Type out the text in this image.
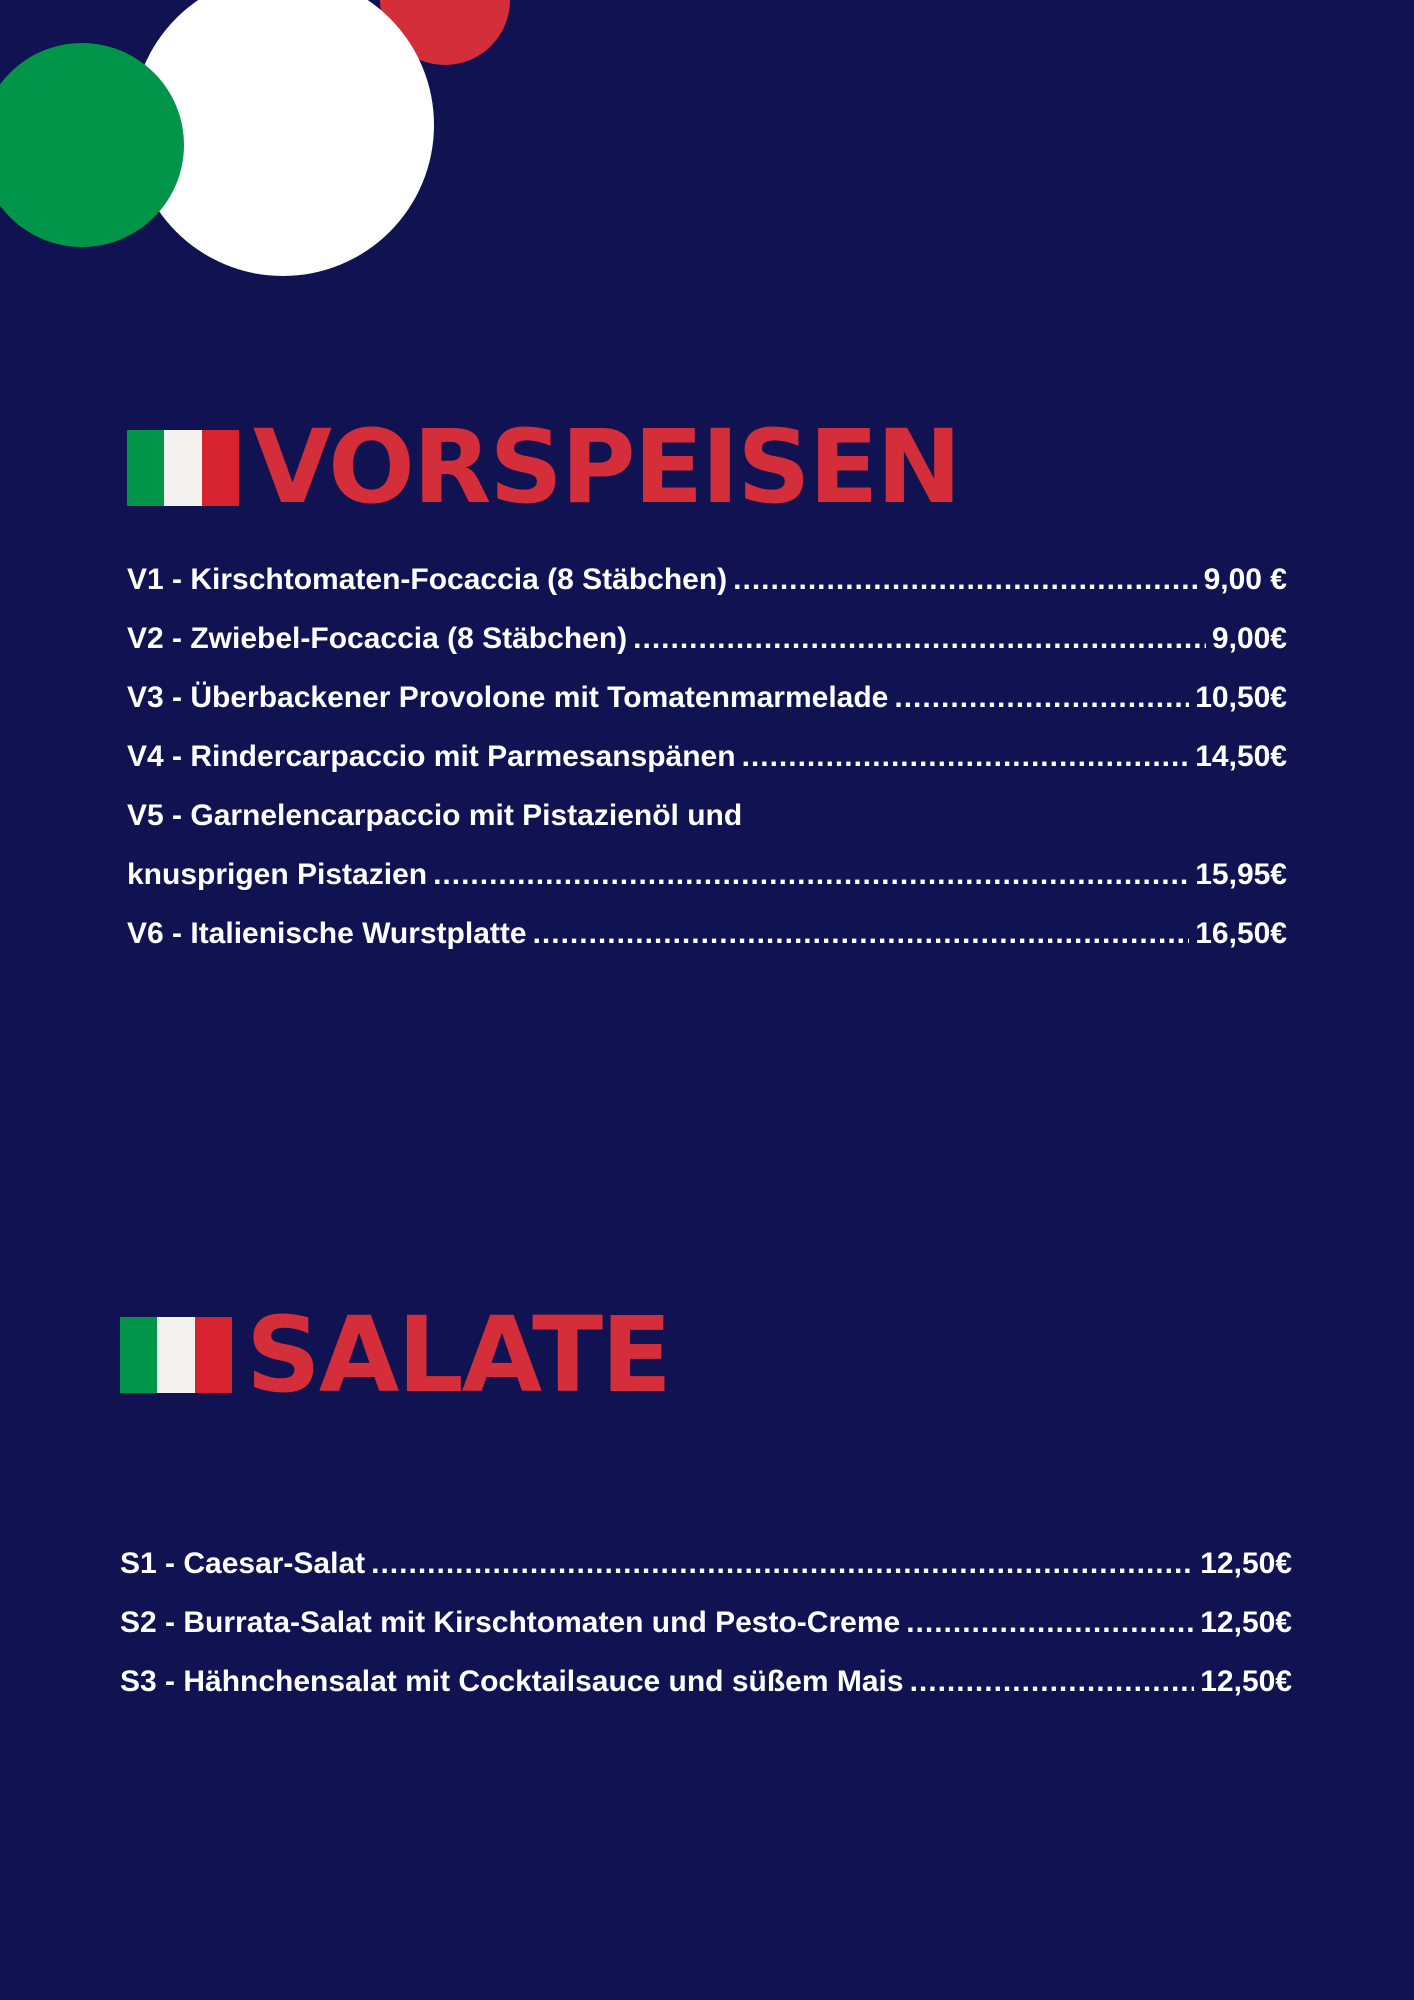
VORSPEISEN
V1 - Kirschtomaten-Focaccia (8 Stäbchen) .....	9,00 €
V2 - Zwiebel-Focaccia (8 Stäbchen) .....	9,00€
V3 - Überbackener Provolone mit Tomatenmarmelade .....	10,50€
V4 - Rindercarpaccio mit Parmesanspänen .....	14,50€
V5 - Garnelencarpaccio mit Pistazienöl und
knusprigen Pistazien .....	15,95€
V6 - Italienische Wurstplatte .....	16,50€
SALATE
S1 - Caesar-Salat .....	12,50€
S2 - Burrata-Salat mit Kirschtomaten und Pesto-Creme .....	12,50€
S3 - Hähnchensalat mit Cocktailsauce und süßem Mais .....	12,50€
